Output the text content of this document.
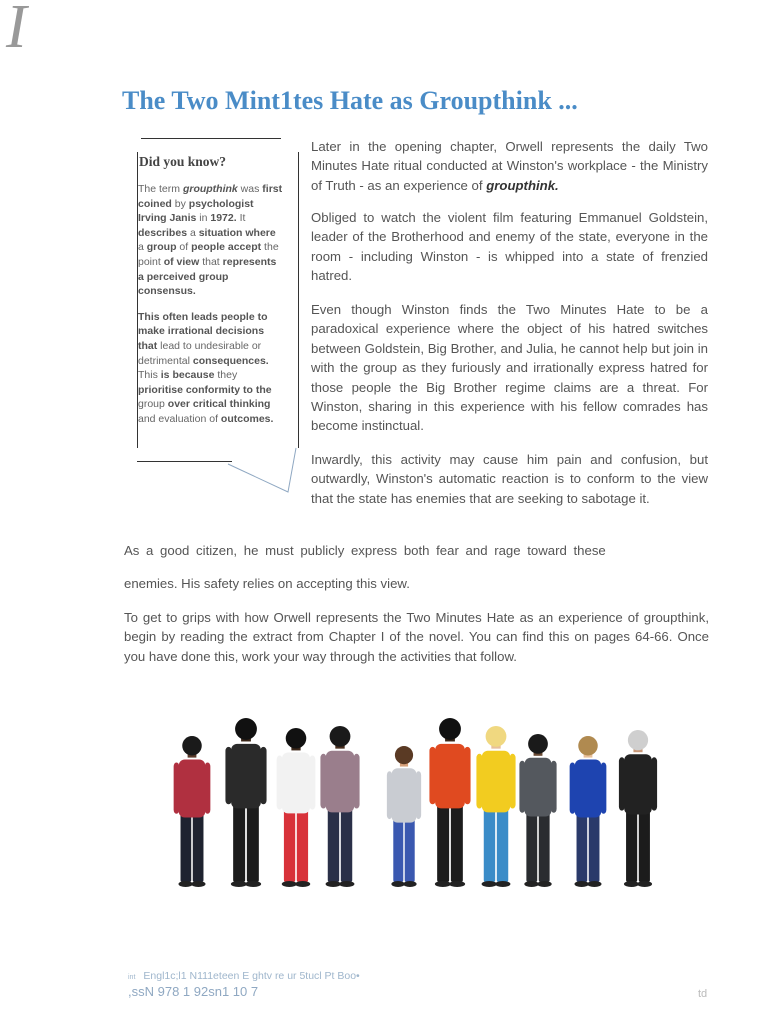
I
The Two Mint1tes Hate as Groupthink ...
Did you know?

The term groupthink was first coined by psychologist Irving Janis in 1972. It describes a situation where a group of people accept the point of view that represents a perceived group consensus.

This often leads people to make irrational decisions that lead to undesirable or detrimental consequences. This is because they prioritise conformity to the group over critical thinking and evaluation of outcomes.

Later in the opening chapter, Orwell represents the daily Two Minutes Hate ritual conducted at Winston's workplace - the Ministry of Truth - as an experience of groupthink.

Obliged to watch the violent film featuring Emmanuel Goldstein, leader of the Brotherhood and enemy of the state, everyone in the room - including Winston - is whipped into a state of frenzied hatred.

Even though Winston finds the Two Minutes Hate to be a paradoxical experience where the object of his hatred switches between Goldstein, Big Brother, and Julia, he cannot help but join in with the group as they furiously and irrationally express hatred for those people the Big Brother regime claims are a threat. For Winston, sharing in this experience with his fellow comrades has become instinctual.

Inwardly, this activity may cause him pain and confusion, but outwardly, Winston's automatic reaction is to conform to the view that the state has enemies that are seeking to sabotage it.

As a good citizen, he must publicly express both fear and rage toward these
enemies. His safety relies on accepting this view.
To get to grips with how Orwell represents the Two Minutes Hate as an experience of groupthink, begin by reading the extract from Chapter I of the novel. You can find this on pages 64-66. Once you have done this, work your way through the activities that follow.
int Engl1c;l1 N111eteen E ghtv re ur 5tucl Pt Boo•
,ssN 978 1 92sn1 10 7	td
